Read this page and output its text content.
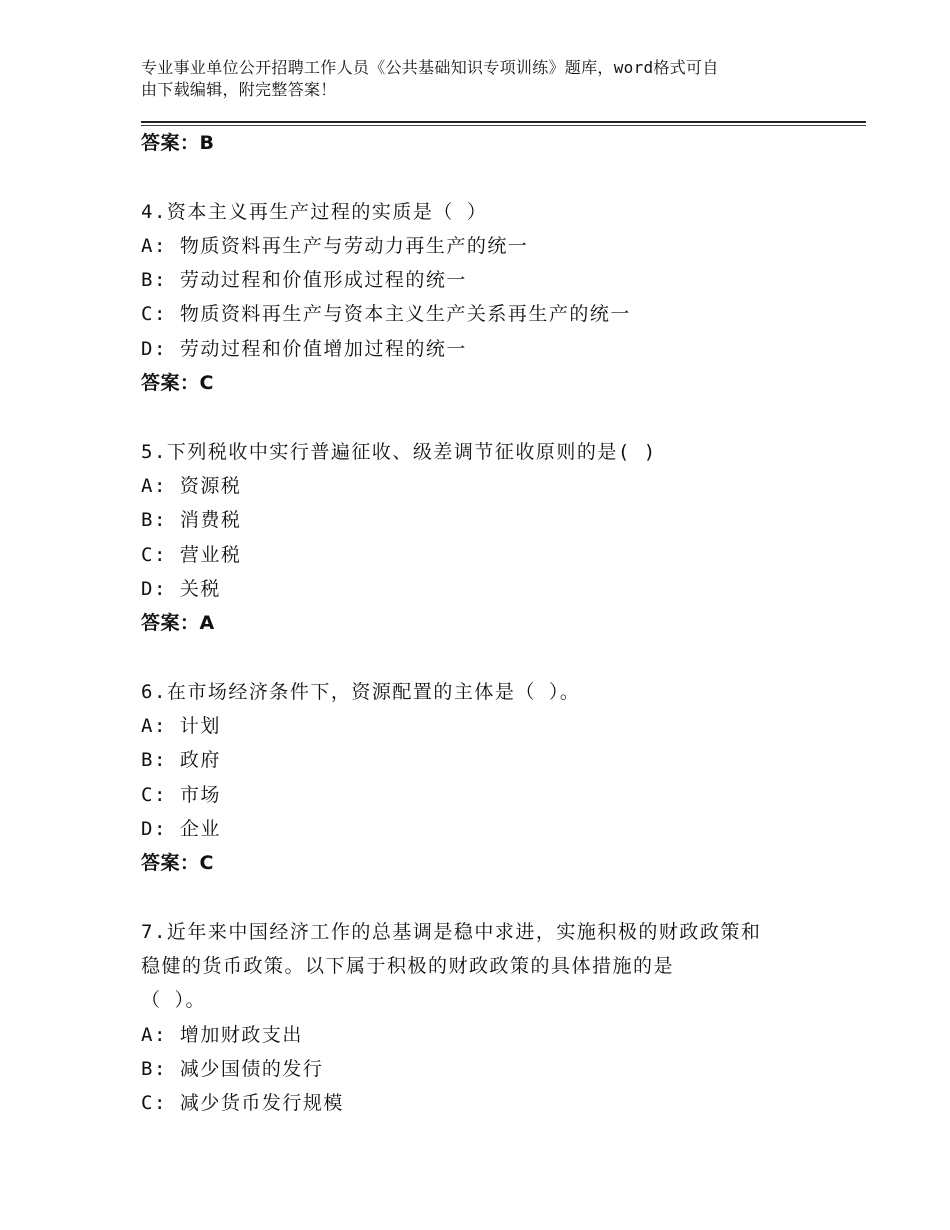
专业事业单位公开招聘工作人员《公共基础知识专项训练》题库，word格式可自
由下载编辑，附完整答案！
答案：B
4.资本主义再生产过程的实质是（ ）
A: 物质资料再生产与劳动力再生产的统一
B: 劳动过程和价值形成过程的统一
C: 物质资料再生产与资本主义生产关系再生产的统一
D: 劳动过程和价值增加过程的统一
答案：C
5.下列税收中实行普遍征收、级差调节征收原则的是( )
A: 资源税
B: 消费税
C: 营业税
D: 关税
答案：A
6.在市场经济条件下，资源配置的主体是（ ）。
A: 计划
B: 政府
C: 市场
D: 企业
答案：C
7.近年来中国经济工作的总基调是稳中求进，实施积极的财政政策和
稳健的货币政策。以下属于积极的财政政策的具体措施的是
（ ）。
A: 增加财政支出
B: 减少国债的发行
C: 减少货币发行规模
